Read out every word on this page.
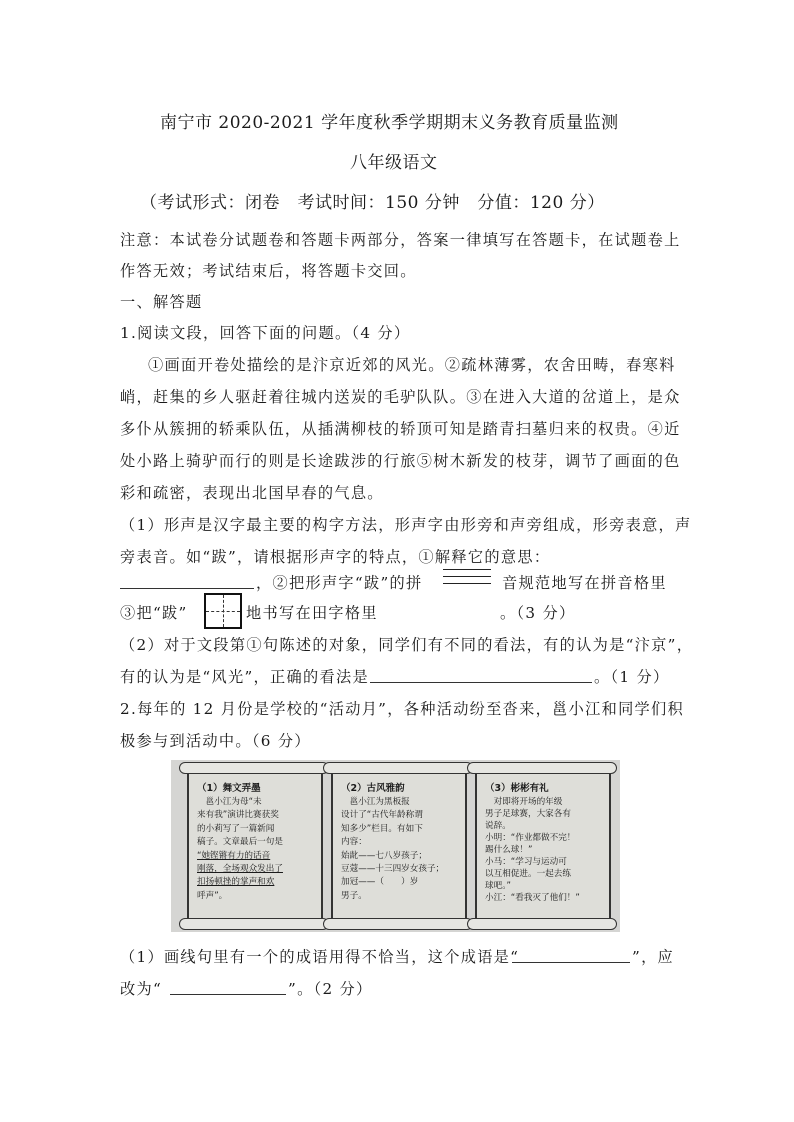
南宁市 2020-2021 学年度秋季学期期末义务教育质量监测
八年级语文
（考试形式：闭卷　考试时间：150 分钟　分值：120 分）
注意：本试卷分试题卷和答题卡两部分，答案一律填写在答题卡，在试题卷上
作答无效；考试结束后，将答题卡交回。
一、解答题
1.阅读文段，回答下面的问题。（4 分）
①画面开卷处描绘的是汴京近郊的风光。②疏林薄雾，农舍田畴，春寒料
峭，赶集的乡人驱赶着往城内送炭的毛驴队队。③在进入大道的岔道上，是众
多仆从簇拥的轿乘队伍，从插满柳枝的轿顶可知是踏青扫墓归来的权贵。④近
处小路上骑驴而行的则是长途跋涉的行旅⑤树木新发的枝芽，调节了画面的色
彩和疏密，表现出北国早春的气息。
（1）形声是汉字最主要的构字方法，形声字由形旁和声旁组成，形旁表意，声
旁表音。如“跋”，请根据形声字的特点，①解释它的意思：
，②把形声字“跋”的拼	音规范地写在拼音格里
③把“跋”	地书写在田字格里	。（3 分）
（2）对于文段第①句陈述的对象，同学们有不同的看法，有的认为是“汴京”，
有的认为是“风光”，正确的看法是	。（1 分）
2.每年的 12 月份是学校的“活动月”，各种活动纷至沓来，邕小江和同学们积
极参与到活动中。（6 分）
（1）舞文弄墨
　邕小江为母“未
来有我”演讲比赛获奖
的小莉写了一篇新闻
稿子。文章最后一句是
“她铿锵有力的话音
刚落，全场观众发出了
扣扬顿挫的掌声和欢
呼声”。
（2）古风雅韵
　邕小江为黑板报
设计了“古代年龄称谓
知多少”栏目。有如下
内容：
始龀——七八岁孩子；
豆蔻——十三四岁女孩子；
加冠——（　　）岁
男子。
（3）彬彬有礼
　对即将开场的年级
男子足球赛，大家各有
说辞。
小明：“作业都做不完！
踢什么球！”
小马：“学习与运动可
以互相促进。一起去练
球吧。”
小江：“看我灭了他们！”
（1）画线句里有一个的成语用得不恰当，这个成语是“	”，应
改为“	”。（2 分）
